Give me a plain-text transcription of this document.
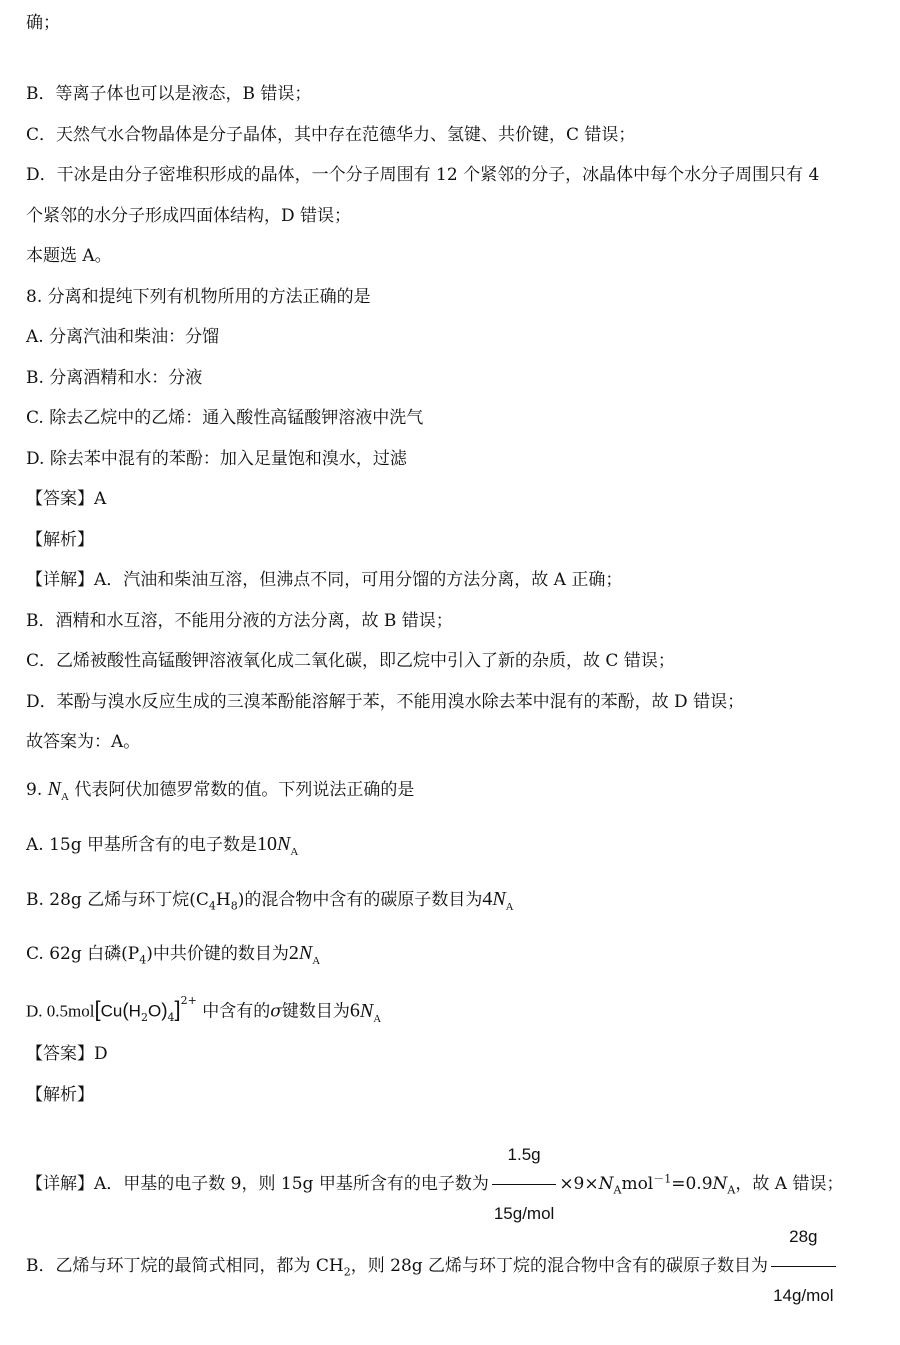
确；
B．等离子体也可以是液态，B 错误；
C．天然气水合物晶体是分子晶体，其中存在范德华力、氢键、共价键，C 错误；
D．干冰是由分子密堆积形成的晶体，一个分子周围有 12 个紧邻的分子，冰晶体中每个水分子周围只有 4
个紧邻的水分子形成四面体结构，D 错误；
本题选 A。
8. 分离和提纯下列有机物所用的方法正确的是
A. 分离汽油和柴油：分馏
B. 分离酒精和水：分液
C. 除去乙烷中的乙烯：通入酸性高锰酸钾溶液中洗气
D. 除去苯中混有的苯酚：加入足量饱和溴水，过滤
【答案】A
【解析】
【详解】A．汽油和柴油互溶，但沸点不同，可用分馏的方法分离，故 A 正确；
B．酒精和水互溶，不能用分液的方法分离，故 B 错误；
C．乙烯被酸性高锰酸钾溶液氧化成二氧化碳，即乙烷中引入了新的杂质，故 C 错误；
D．苯酚与溴水反应生成的三溴苯酚能溶解于苯，不能用溴水除去苯中混有的苯酚，故 D 错误；
故答案为：A。
9. $N_A$ 代表阿伏加德罗常数的值。下列说法正确的是
A. 15g 甲基所含有的电子数是$10N_A$
B. 28g 乙烯与环丁烷$(C_4H_8)$的混合物中含有的碳原子数目为$4N_A$
C. 62g 白磷$(P_4)$中共价键的数目为$2N_A$
D. $0.5mol[Cu(H_2O)_4]^{2+}$ 中含有的σ键数目为$6N_A$
【答案】D
【解析】
【详解】A．甲基的电子数 9，则 15g 甲基所含有的电子数为 $\frac{1.5g}{\text{15g/mol}} \times 9\times N_Amol^{-1}=0.9N_A$，故 A 错误；
B．乙烯与环丁烷的最简式相同，都为 $CH_2$，则 28g 乙烯与环丁烷的混合物中含有的碳原子数目为 $\frac{28g}{\text{14g/mol}}$
